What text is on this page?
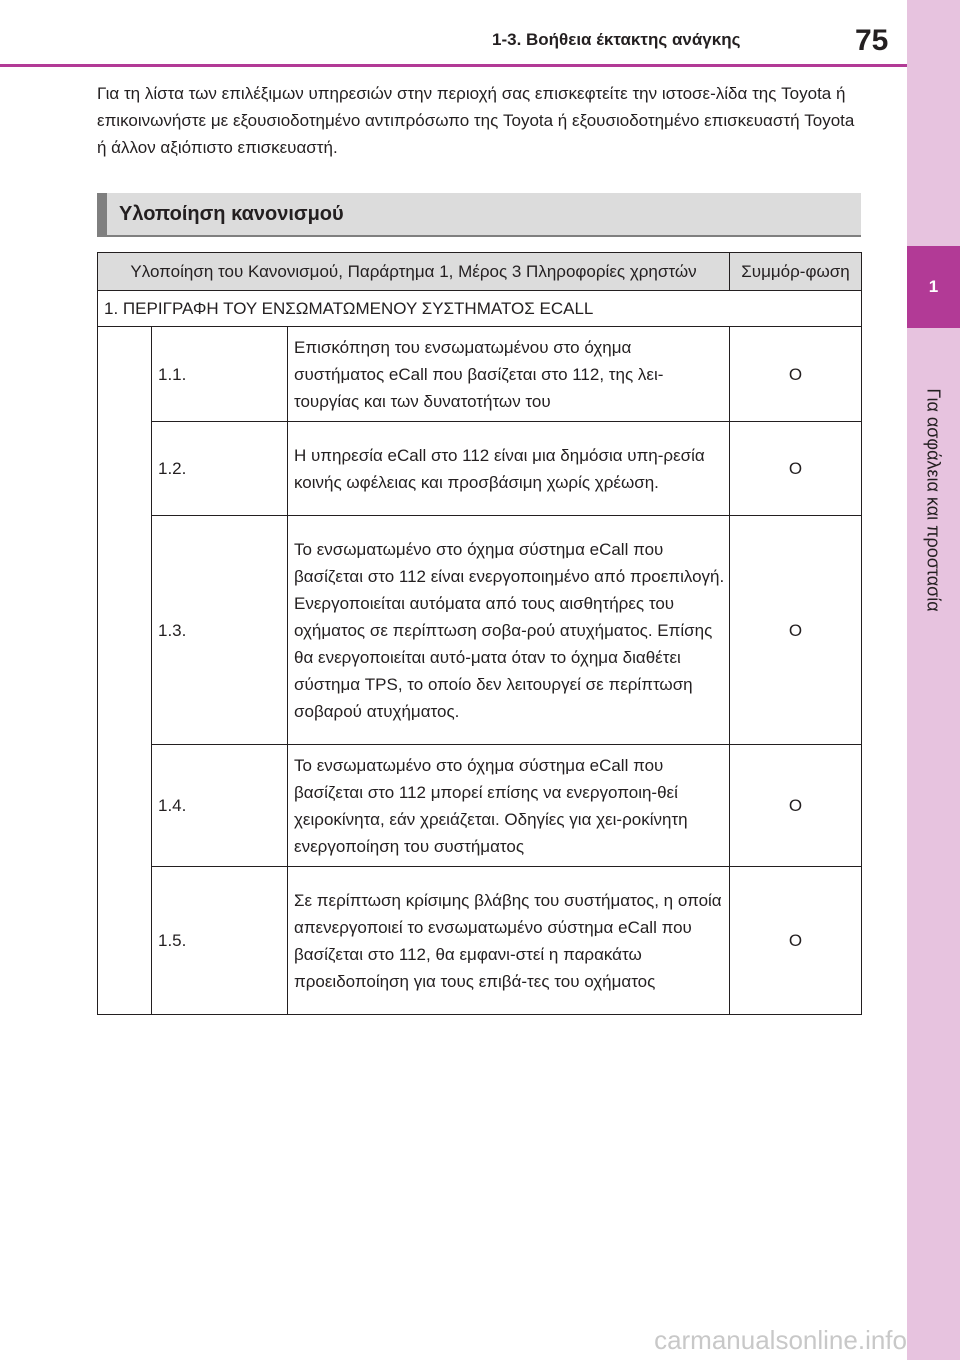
1
Για ασφάλεια και προστασία
1-3. Βοήθεια έκτακτης ανάγκης	75
Για τη λίστα των επιλέξιμων υπηρεσιών στην περιοχή σας επισκεφτείτε την ιστοσε-λίδα της Toyota ή επικοινωνήστε με εξουσιοδοτημένο αντιπρόσωπο της Toyota ή εξουσιοδοτημένο επισκευαστή Toyota ή άλλον αξιόπιστο επισκευαστή.
Υλοποίηση κανονισμού
Υλοποίηση του Κανονισμού, Παράρτημα 1, Μέρος 3 Πληροφορίες χρηστών			Συμμόρ-φωση
1. ΠΕΡΙΓΡΑΦΗ ΤΟΥ ΕΝΣΩΜΑΤΩΜΕΝΟΥ ΣΥΣΤΗΜΑΤΟΣ ECALL			
	1.1.	Επισκόπηση του ενσωματωμένου στο όχημα συστήματος eCall που βασίζεται στο 112, της λει-τουργίας και των δυνατοτήτων του	O
	1.2.	Η υπηρεσία eCall στο 112 είναι μια δημόσια υπη-ρεσία κοινής ωφέλειας και προσβάσιμη χωρίς χρέωση.	O
	1.3.	Το ενσωματωμένο στο όχημα σύστημα eCall που βασίζεται στο 112 είναι ενεργοποιημένο από προεπιλογή. Ενεργοποιείται αυτόματα από τους αισθητήρες του οχήματος σε περίπτωση σοβα-ρού ατυχήματος. Επίσης θα ενεργοποιείται αυτό-ματα όταν το όχημα διαθέτει σύστημα TPS, το οποίο δεν λειτουργεί σε περίπτωση σοβαρού ατυχήματος.	O
	1.4.	Το ενσωματωμένο στο όχημα σύστημα eCall που βασίζεται στο 112 μπορεί επίσης να ενεργοποιη-θεί χειροκίνητα, εάν χρειάζεται. Οδηγίες για χει-ροκίνητη ενεργοποίηση του συστήματος	O
	1.5.	Σε περίπτωση κρίσιμης βλάβης του συστήματος, η οποία απενεργοποιεί το ενσωματωμένο σύστημα eCall που βασίζεται στο 112, θα εμφανι-στεί η παρακάτω προειδοποίηση για τους επιβά-τες του οχήματος	O
carmanualsonline.info
